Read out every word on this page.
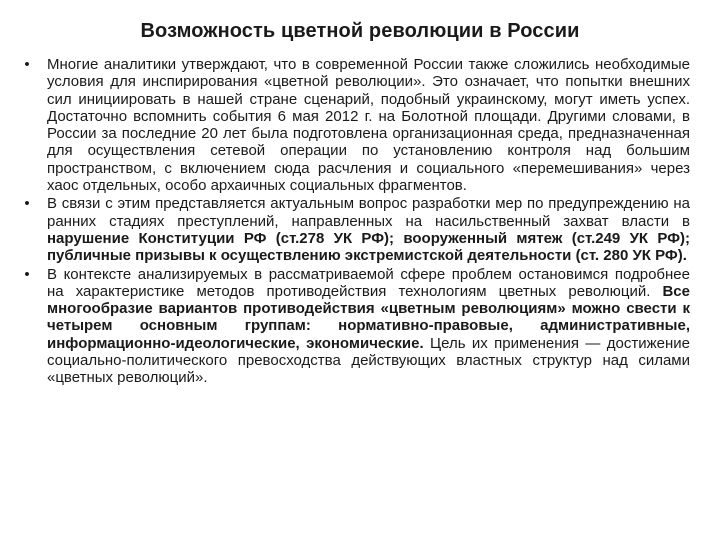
Возможность цветной революции в России
• Многие аналитики утверждают, что в современной России также сложились необходимые условия для инспирирования «цветной революции». Это означает, что попытки внешних сил инициировать в нашей стране сценарий, подобный украинскому, могут иметь успех. Достаточно вспомнить события 6 мая 2012 г. на Болотной площади. Другими словами, в России за последние 20 лет была подготовлена организационная среда, предназначенная для осуществления сетевой операции по установлению контроля над большим пространством, с включением сюда расчления и социального «перемешивания» через хаос отдельных, особо архаичных социальных фрагментов.
• В связи с этим представляется актуальным вопрос разработки мер по предупреждению на ранних стадиях преступлений, направленных на насильственный захват власти в нарушение Конституции РФ (ст.278 УК РФ); вооруженный мятеж (ст.249 УК РФ); публичные призывы к осуществлению экстремистской деятельности (ст. 280 УК РФ).
• В контексте анализируемых в рассматриваемой сфере проблем остановимся подробнее на характеристике методов противодействия технологиям цветных революций. Все многообразие вариантов противодействия «цветным революциям» можно свести к четырем основным группам: нормативно-правовые, административные, информационно-идеологические, экономические. Цель их применения — достижение социально-политического превосходства действующих властных структур над силами «цветных революций».
